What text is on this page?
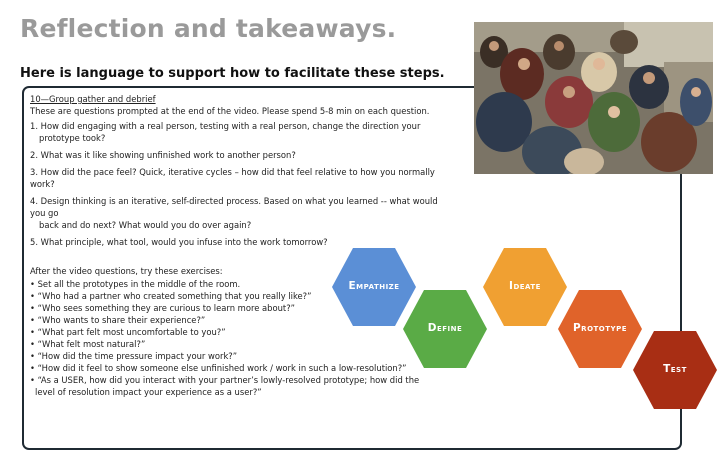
Reflection and takeaways.
Here is language to support how to facilitate these steps.

10—Group gather and debrief

These are questions prompted at the end of the video. Please spend 5-8 min on each question.

1. How did engaging with a real person, testing with a real person, change the direction your
prototype took?
2. What was it like showing unfinished work to another person?
3. How did the pace feel? Quick, iterative cycles – how did that feel relative to how you normally work?
4. Design thinking is an iterative, self-directed process. Based on what you learned -- what would you go
back and do next? What would you do over again?
5. What principle, what tool, would you infuse into the work tomorrow?

After the video questions, try these exercises:

• Set all the prototypes in the middle of the room.

• “Who had a partner who created something that you really like?”

• “Who sees something they are curious to learn more about?”

• “Who wants to share their experience?”

• “What part felt most uncomfortable to you?”

• “What felt most natural?”

• “How did the time pressure impact your work?”

• “How did it feel to show someone else unfinished work / work in such a low-resolution?”

• “As a USER, how did you interact with your partner’s lowly-resolved prototype; how did the

level of resolution impact your experience as a user?”

Empathize
Define
Ideate
Prototype
Test
